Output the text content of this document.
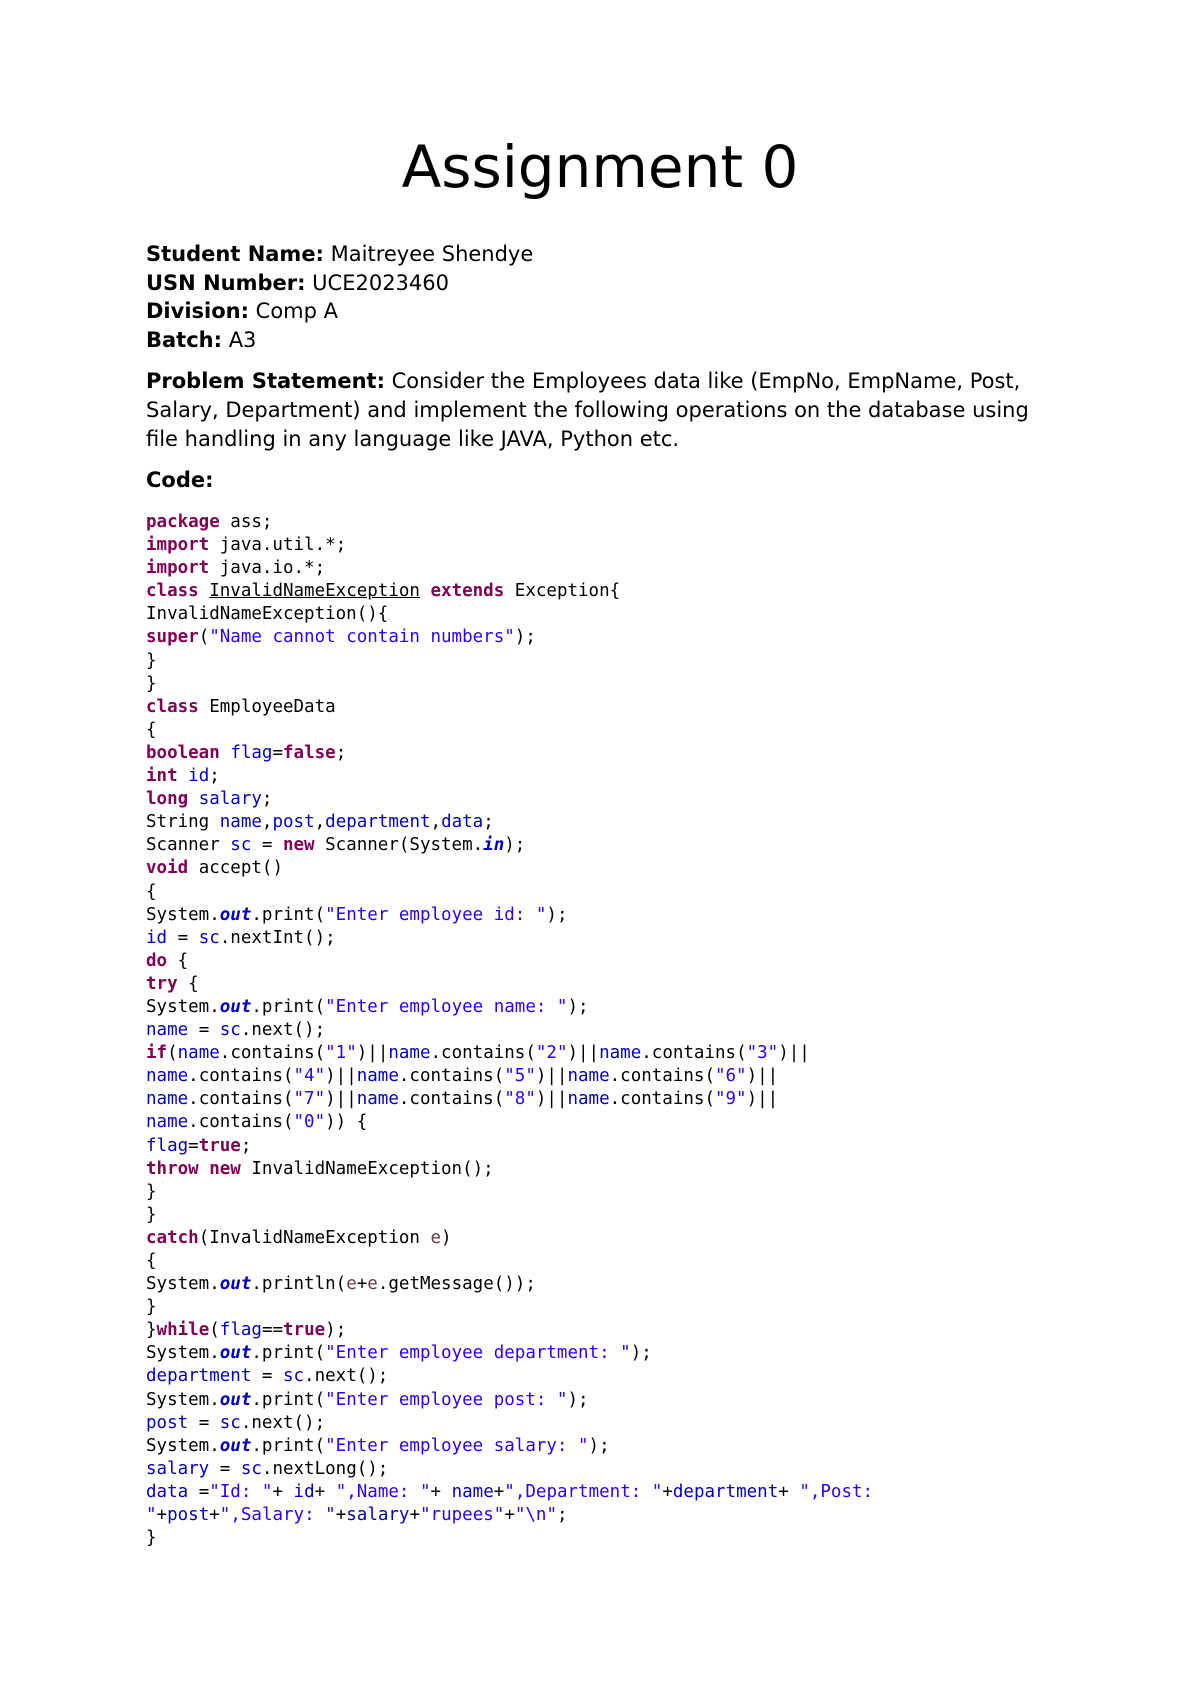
Assignment 0
Student Name: Maitreyee Shendye
USN Number: UCE2023460
Division: Comp A
Batch: A3
Problem Statement: Consider the Employees data like (EmpNo, EmpName, Post, Salary, Department) and implement the following operations on the database using file handling in any language like JAVA, Python etc.
Code:
package ass;
import java.util.*;
import java.io.*;
class InvalidNameException extends Exception{
InvalidNameException(){
super("Name cannot contain numbers");
}
}
class EmployeeData
{
boolean flag=false;
int id;
long salary;
String name,post,department,data;
Scanner sc = new Scanner(System.in);
void accept()
{
System.out.print("Enter employee id: ");
id = sc.nextInt();
do {
try {
System.out.print("Enter employee name: ");
name = sc.next();
if(name.contains("1")||name.contains("2")||name.contains("3")||
name.contains("4")||name.contains("5")||name.contains("6")||
name.contains("7")||name.contains("8")||name.contains("9")||
name.contains("0")) {
flag=true;
throw new InvalidNameException();
}
}
catch(InvalidNameException e)
{
System.out.println(e+e.getMessage());
}
}while(flag==true);
System.out.print("Enter employee department: ");
department = sc.next();
System.out.print("Enter employee post: ");
post = sc.next();
System.out.print("Enter employee salary: ");
salary = sc.nextLong();
data ="Id: "+ id+ ",Name: "+ name+",Department: "+department+ ",Post:
"+post+",Salary: "+salary+"rupees"+"\n";
}
